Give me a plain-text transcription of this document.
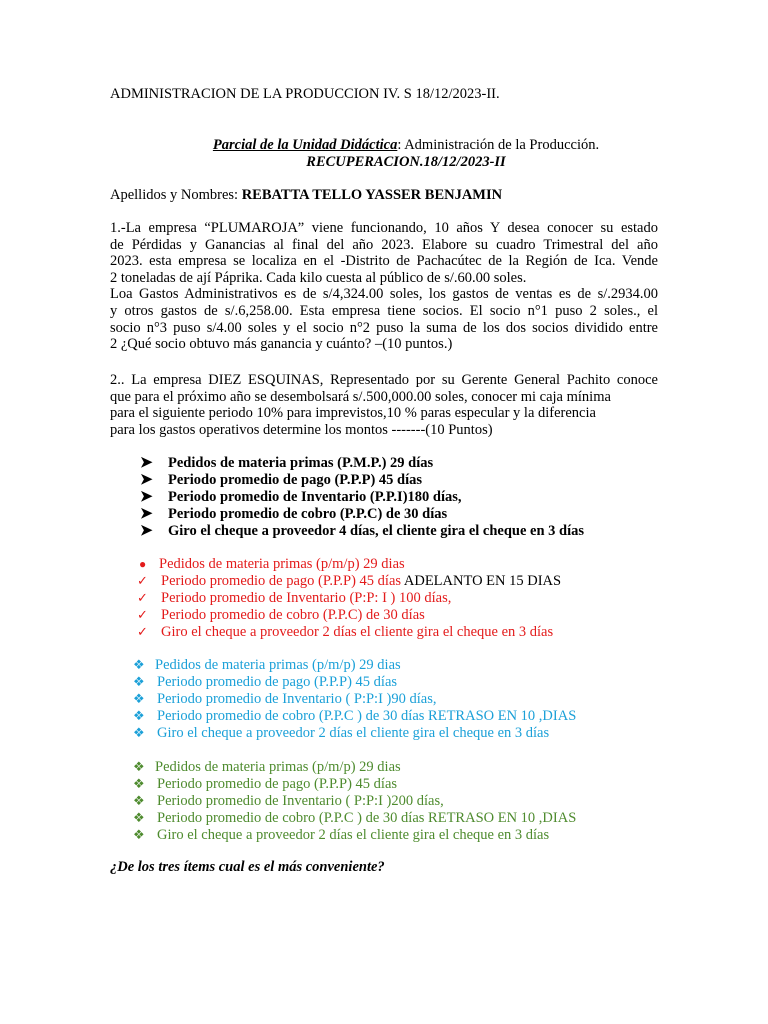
ADMINISTRACION DE LA PRODUCCION IV. S 18/12/2023-II.
Parcial de la Unidad Didáctica: Administración de la Producción.
RECUPERACION.18/12/2023-II
Apellidos y Nombres: REBATTA TELLO YASSER BENJAMIN
1.-La empresa “PLUMAROJA” viene funcionando, 10 años Y desea conocer su estado
de Pérdidas y Ganancias al final del año 2023. Elabore su cuadro Trimestral del año
2023. esta empresa se localiza en el -Distrito de Pachacútec de la Región de Ica. Vende
2 toneladas de ají Páprika. Cada kilo cuesta al público de s/.60.00 soles.
Loa Gastos Administrativos es de s/4,324.00 soles, los gastos de ventas es de s/.2934.00
y otros gastos de s/.6,258.00. Esta empresa tiene socios. El socio n°1 puso 2 soles., el
socio n°3 puso s/4.00 soles y el socio n°2 puso la suma de los dos socios dividido entre
2 ¿Qué socio obtuvo más ganancia y cuánto? –(10 puntos.)
2.. La empresa DIEZ ESQUINAS, Representado por su Gerente General Pachito conoce
que para el próximo año se desembolsará s/.500,000.00 soles, conocer mi caja mínima
para el siguiente periodo 10% para imprevistos,10 % paras especular y la diferencia
para los gastos operativos determine los montos -------(10 Puntos)
➤ Pedidos de materia primas (P.M.P.) 29 días
➤ Periodo promedio de pago (P.P.P) 45 días
➤ Periodo promedio de Inventario (P.P.I)180 días,
➤ Periodo promedio de cobro (P.P.C) de 30 días
➤ Giro el cheque a proveedor 4 días, el cliente gira el cheque en 3 días
● Pedidos de materia primas (p/m/p) 29 dias
✓ Periodo promedio de pago (P.P.P) 45 días ADELANTO EN 15 DIAS
✓ Periodo promedio de Inventario (P:P: I ) 100 días,
✓ Periodo promedio de cobro (P.P.C) de 30 días
✓ Giro el cheque a proveedor 2 días el cliente gira el cheque en 3 días
❖ Pedidos de materia primas (p/m/p) 29 dias
❖ Periodo promedio de pago (P.P.P) 45 días
❖ Periodo promedio de Inventario ( P:P:I )90 días,
❖ Periodo promedio de cobro (P.P.C ) de 30 días RETRASO EN 10 ,DIAS
❖ Giro el cheque a proveedor 2 días el cliente gira el cheque en 3 días
❖ Pedidos de materia primas (p/m/p) 29 dias
❖ Periodo promedio de pago (P.P.P) 45 días
❖ Periodo promedio de Inventario ( P:P:I )200 días,
❖ Periodo promedio de cobro (P.P.C ) de 30 días RETRASO EN 10 ,DIAS
❖ Giro el cheque a proveedor 2 días el cliente gira el cheque en 3 días
¿De los tres ítems cual es el más conveniente?
